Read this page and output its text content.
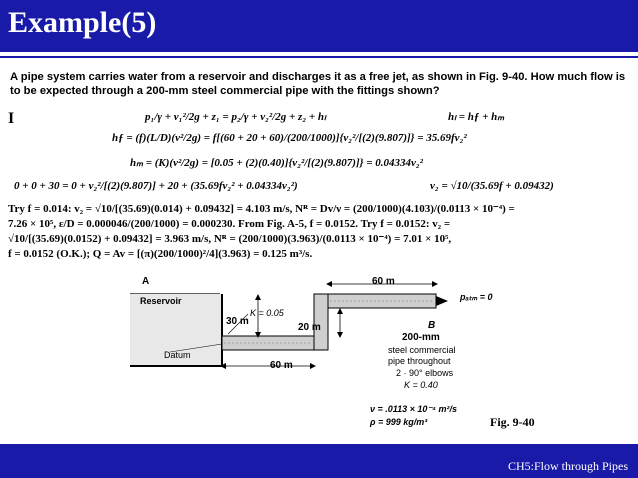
Example(5)
A pipe system carries water from a reservoir and discharges it as a free jet, as shown in Fig. 9-40. How much flow is to be expected through a 200-mm steel commercial pipe with the fittings shown?
I	p₁/γ + v₁²/2g + z₁ = p₂/γ + v₂²/2g + z₂ + hₗ	hₗ = hƒ + hₘ
hƒ = (f)(L/D)(v²/2g) = f[(60 + 20 + 60)/(200/1000)]{v₂²/[(2)(9.807)]} = 35.69fv₂²
hₘ = (K)(v²/2g) = [0.05 + (2)(0.40)]{v₂²/[(2)(9.807)]} = 0.04334v₂²
0 + 0 + 30 = 0 + v₂²/[(2)(9.807)] + 20 + (35.69fv₂² + 0.04334v₂²)	v₂ = √10/(35.69f + 0.09432)
Try f = 0.014: v₂ = √10/[(35.69)(0.014) + 0.09432] = 4.103 m/s, Nᴿ = Dv/ν = (200/1000)(4.103)/(0.0113 × 10⁻⁴) =
7.26 × 10⁵, ε/D = 0.000046/(200/1000) = 0.000230. From Fig. A-5, f = 0.0152. Try f = 0.0152: v₂ =
√10/[(35.69)(0.0152) + 0.09432] = 3.963 m/s, Nᴿ = (200/1000)(3.963)/(0.0113 × 10⁻⁴) = 7.01 × 10⁵,
f = 0.0152 (O.K.); Q = Av = [(π)(200/1000)²/4](3.963) = 0.125 m³/s.
A
Reservoir
K = 0.05
30 m
20 m
60 m
60 m
Datum
pₐₜₘ = 0
B
200-mm
steel commercial
pipe throughout
2 · 90° elbows
K = 0.40
ν = .0113 × 10⁻⁴ m²/s
ρ = 999 kg/m³	Fig. 9-40
CH5:Flow through Pipes
